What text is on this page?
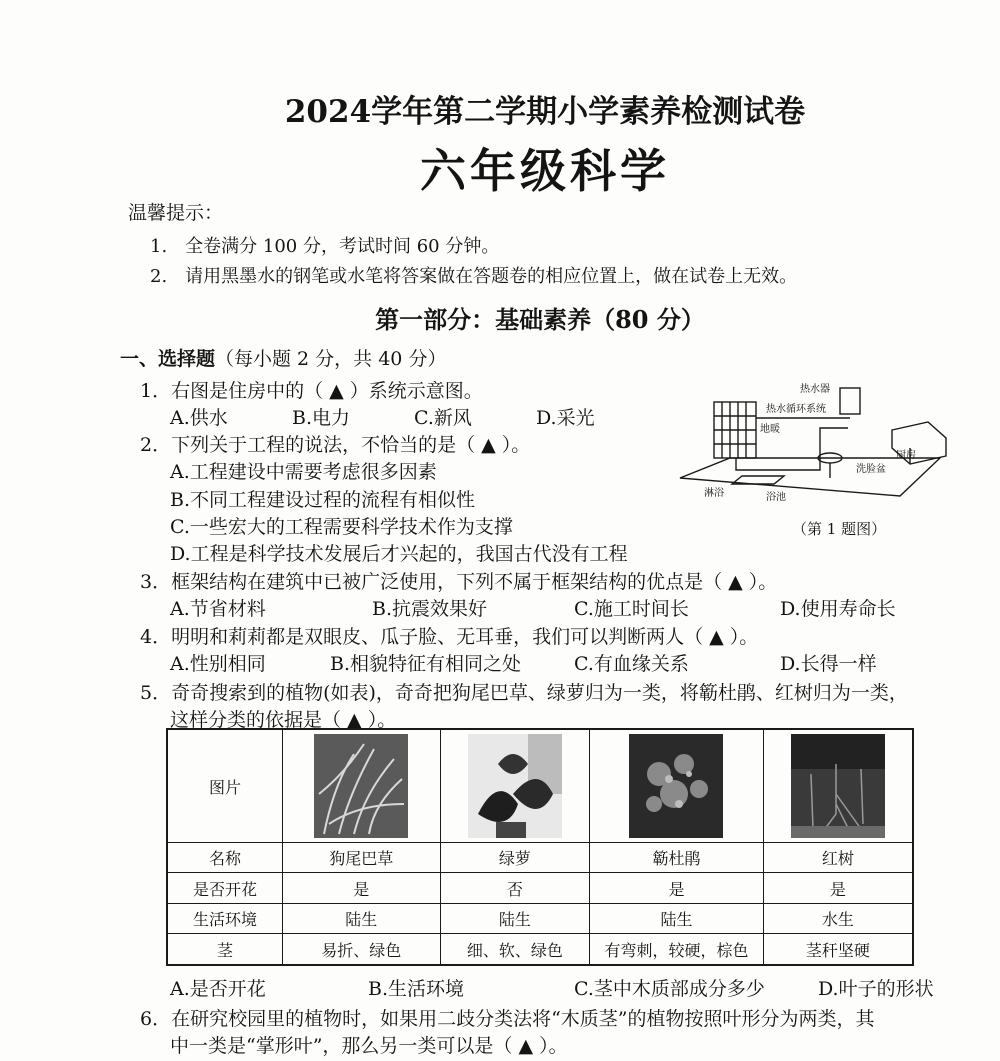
2024学年第二学期小学素养检测试卷
六年级科学
温馨提示：
1.　全卷满分 100 分，考试时间 60 分钟。
2.　请用黑墨水的钢笔或水笔将答案做在答题卷的相应位置上，做在试卷上无效。
第一部分：基础素养（80 分）
一、选择题（每小题 2 分，共 40 分）
1．右图是住房中的（ ▲ ）系统示意图。
A.供水	B.电力	C.新风	D.采光
热水器
热水循环系统
地暖
厨房
洗脸盆
淋浴	浴池
（第 1 题图）
2．下列关于工程的说法，不恰当的是（ ▲ ）。
A.工程建设中需要考虑很多因素
B.不同工程建设过程的流程有相似性
C.一些宏大的工程需要科学技术作为支撑
D.工程是科学技术发展后才兴起的，我国古代没有工程
3．框架结构在建筑中已被广泛使用，下列不属于框架结构的优点是（ ▲ ）。
A.节省材料	B.抗震效果好	C.施工时间长	D.使用寿命长
4．明明和莉莉都是双眼皮、瓜子脸、无耳垂，我们可以判断两人（ ▲ ）。
A.性别相同	B.相貌特征有相同之处	C.有血缘关系	D.长得一样
5．奇奇搜索到的植物(如表)，奇奇把狗尾巴草、绿萝归为一类，将簕杜鹃、红树归为一类，
这样分类的依据是（ ▲ ）。
图片				
名称	狗尾巴草	绿萝	簕杜鹃	红树
是否开花	是	否	是	是
生活环境	陆生	陆生	陆生	水生
茎	易折、绿色	细、软、绿色	有弯刺，较硬，棕色	茎秆坚硬
A.是否开花	B.生活环境	C.茎中木质部成分多少	D.叶子的形状
6．在研究校园里的植物时，如果用二歧分类法将“木质茎”的植物按照叶形分为两类，其
中一类是“掌形叶”，那么另一类可以是（ ▲ ）。
